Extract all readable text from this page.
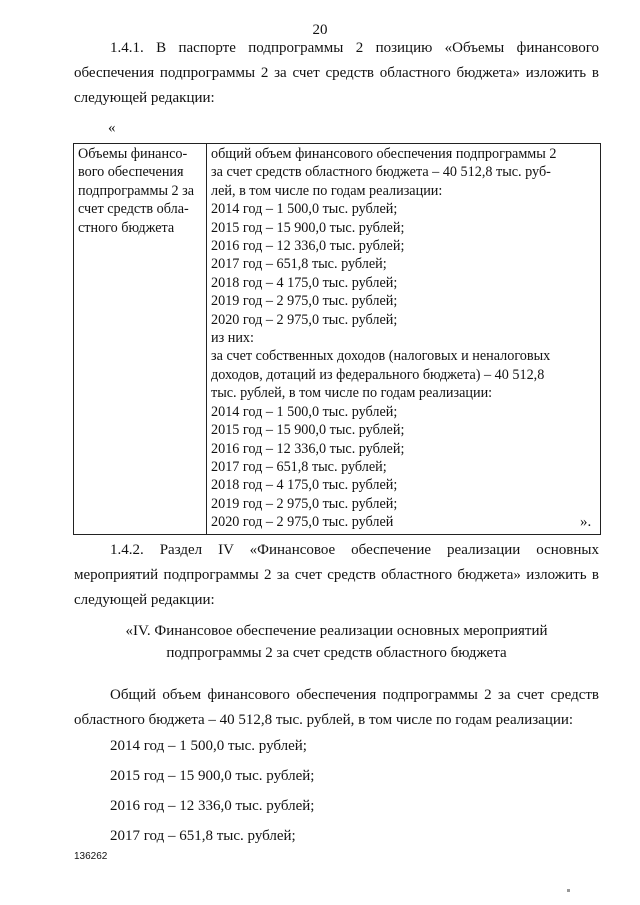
20
1.4.1. В паспорте подпрограммы 2 позицию «Объемы финансового обеспечения подпрограммы 2 за счет средств областного бюджета» изложить в следующей редакции:
«
Объемы финансо-
вого обеспечения
подпрограммы 2 за
счет средств обла-
стного бюджета

общий объем финансового обеспечения подпрограммы 2
за счет средств областного бюджета – 40 512,8 тыс. руб-
лей, в том числе по годам реализации:
2014 год – 1 500,0 тыс. рублей;
2015 год – 15 900,0 тыс. рублей;
2016 год – 12 336,0 тыс. рублей;
2017 год – 651,8 тыс. рублей;
2018 год – 4 175,0 тыс. рублей;
2019 год – 2 975,0 тыс. рублей;
2020 год – 2 975,0 тыс. рублей;
из них:
за счет собственных доходов (налоговых и неналоговых
доходов, дотаций из федерального бюджета) – 40 512,8
тыс. рублей, в том числе по годам реализации:
2014 год – 1 500,0 тыс. рублей;
2015 год – 15 900,0 тыс. рублей;
2016 год – 12 336,0 тыс. рублей;
2017 год – 651,8 тыс. рублей;
2018 год – 4 175,0 тыс. рублей;
2019 год – 2 975,0 тыс. рублей;
2020 год – 2 975,0 тыс. рублей	».
1.4.2. Раздел IV «Финансовое обеспечение реализации основных мероприятий подпрограммы 2 за счет средств областного бюджета» изложить в следующей редакции:
«IV. Финансовое обеспечение реализации основных мероприятий
подпрограммы 2 за счет средств областного бюджета
Общий объем финансового обеспечения подпрограммы 2 за счет средств областного бюджета – 40 512,8 тыс. рублей, в том числе по годам реализации:
2014 год – 1 500,0 тыс. рублей;
2015 год – 15 900,0 тыс. рублей;
2016 год – 12 336,0 тыс. рублей;
2017 год – 651,8 тыс. рублей;
136262
